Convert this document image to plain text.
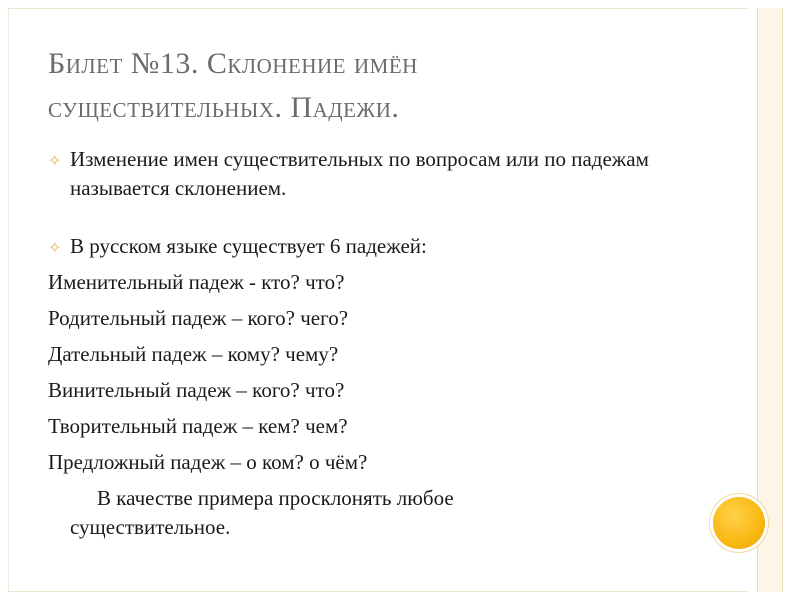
Билет №13. Склонение имён
существительных. Падежи.
✧ Изменение имен существительных по вопросам или по падежам называется склонением.
✧ В русском языке существует 6 падежей:
Именительный падеж - кто? что?
Родительный падеж – кого? чего?
Дательный падеж – кому? чему?
Винительный падеж – кого? что?
Творительный падеж – кем? чем?
Предложный падеж – о ком? о чём?
В качестве примера просклонять любое
существительное.
